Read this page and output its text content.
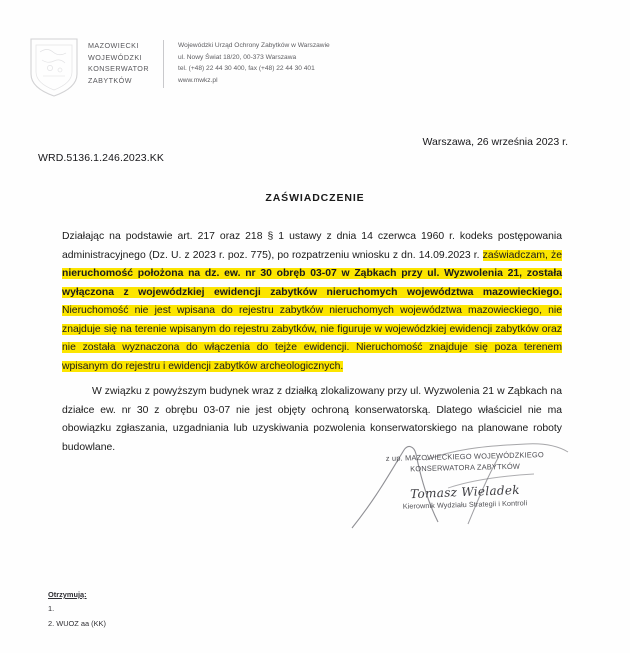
MAZOWIECKI
WOJEWÓDZKI
KONSERWATOR
ZABYTKÓW
Wojewódzki Urząd Ochrony Zabytków w Warszawie
ul. Nowy Świat 18/20, 00-373 Warszawa
tel. (+48) 22 44 30 400, fax (+48) 22 44 30 401
www.mwkz.pl
Warszawa, 26 września 2023 r.
WRD.5136.1.246.2023.KK
ZAŚWIADCZENIE

Działając na podstawie art. 217 oraz 218 § 1 ustawy z dnia 14 czerwca 1960 r. kodeks postępowania administracyjnego (Dz. U. z 2023 r. poz. 775), po rozpatrzeniu wniosku z dn. 14.09.2023 r. zaświadczam, że nieruchomość położona na dz. ew. nr 30 obręb 03-07 w Ząbkach przy ul. Wyzwolenia 21, została wyłączona z wojewódzkiej ewidencji zabytków nieruchomych województwa mazowieckiego. Nieruchomość nie jest wpisana do rejestru zabytków nieruchomych województwa mazowieckiego, nie znajduje się na terenie wpisanym do rejestru zabytków, nie figuruje w wojewódzkiej ewidencji zabytków oraz nie została wyznaczona do włączenia do tejże ewidencji. Nieruchomość znajduje się poza terenem wpisanym do rejestru i ewidencji zabytków archeologicznych.

W związku z powyższym budynek wraz z działką zlokalizowany przy ul. Wyzwolenia 21 w Ząbkach na działce ew. nr 30 z obrębu 03-07 nie jest objęty ochroną konserwatorską. Dlatego właściciel nie ma obowiązku zgłaszania, uzgadniania lub uzyskiwania pozwolenia konserwatorskiego na planowane roboty budowlane.

z up. MAZOWIECKIEGO WOJEWÓDZKIEGO
KONSERWATORA ZABYTKÓW
Tomasz Wieladek
Kierownik Wydziału Strategii i Kontroli
Otrzymują:
1.
2. WUOZ aa (KK)
